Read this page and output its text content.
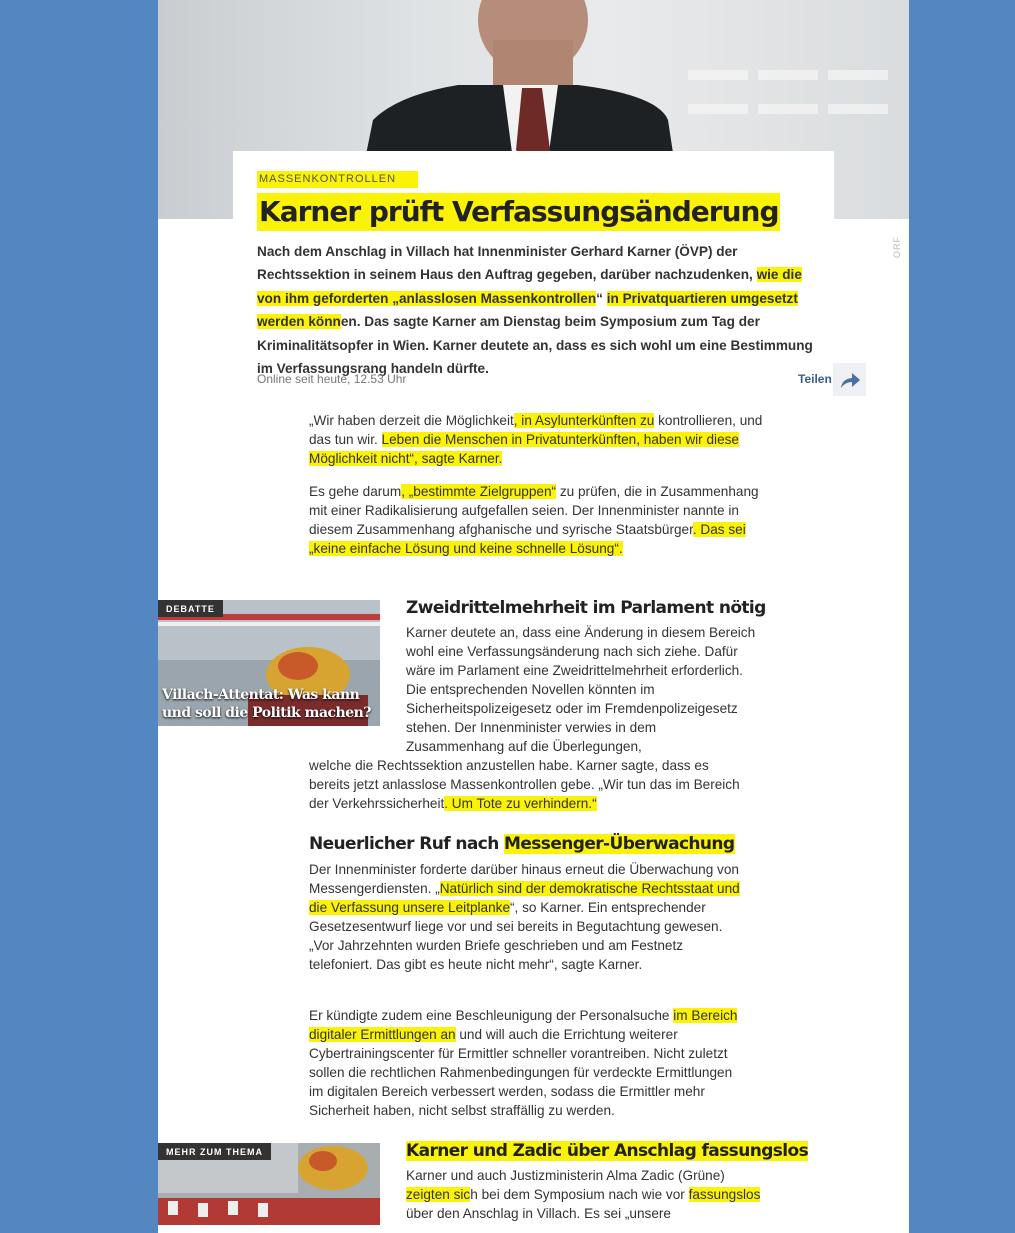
ORF
MASSENKONTROLLEN
Karner prüft Verfassungsänderung

Nach dem Anschlag in Villach hat Innenminister Gerhard Karner (ÖVP) der Rechtssektion in seinem Haus den Auftrag gegeben, darüber nachzudenken, wie die von ihm geforderten „anlasslosen Massenkontrollen“ in Privatquartieren umgesetzt werden können. Das sagte Karner am Dienstag beim Symposium zum Tag der Kriminalitätsopfer in Wien. Karner deutete an, dass es sich wohl um eine Bestimmung im Verfassungsrang handeln dürfte.

Online seit heute, 12.53 Uhr	Teilen

„Wir haben derzeit die Möglichkeit, in Asylunterkünften zu kontrollieren, und das tun wir. Leben die Menschen in Privatunterkünften, haben wir diese Möglichkeit nicht“, sagte Karner.

Es gehe darum, „bestimmte Zielgruppen“ zu prüfen, die in Zusammenhang mit einer Radikalisierung aufgefallen seien. Der Innenminister nannte in diesem Zusammenhang afghanische und syrische Staatsbürger. Das sei „keine einfache Lösung und keine schnelle Lösung“.

DEBATTE
Villach-Attentat: Was kann und soll die Politik machen?
Zweidrittelmehrheit im Parlament nötig

Karner deutete an, dass eine Änderung in diesem Bereich wohl eine Verfassungsänderung nach sich ziehe. Dafür wäre im Parlament eine Zweidrittelmehrheit erforderlich. Die entsprechenden Novellen könnten im Sicherheitspolizeigesetz oder im Fremdenpolizeigesetz stehen. Der Innenminister verwies in dem Zusammenhang auf die Überlegungen,

welche die Rechtssektion anzustellen habe. Karner sagte, dass es bereits jetzt anlasslose Massenkontrollen gebe. „Wir tun das im Bereich der Verkehrssicherheit. Um Tote zu verhindern.“

Neuerlicher Ruf nach Messenger-Überwachung

Der Innenminister forderte darüber hinaus erneut die Überwachung von Messengerdiensten. „Natürlich sind der demokratische Rechtsstaat und die Verfassung unsere Leitplanke“, so Karner. Ein entsprechender Gesetzesentwurf liege vor und sei bereits in Begutachtung gewesen. „Vor Jahrzehnten wurden Briefe geschrieben und am Festnetz telefoniert. Das gibt es heute nicht mehr“, sagte Karner.

Er kündigte zudem eine Beschleunigung der Personalsuche im Bereich digitaler Ermittlungen an und will auch die Errichtung weiterer Cybertrainingscenter für Ermittler schneller vorantreiben. Nicht zuletzt sollen die rechtlichen Rahmenbedingungen für verdeckte Ermittlungen im digitalen Bereich verbessert werden, sodass die Ermittler mehr Sicherheit haben, nicht selbst straffällig zu werden.

MEHR ZUM THEMA	Karner und Zadic über Anschlag fassungslos

Karner und auch Justizministerin Alma Zadic (Grüne) zeigten sich bei dem Symposium nach wie vor fassungslos über den Anschlag in Villach. Es sei „unsere
